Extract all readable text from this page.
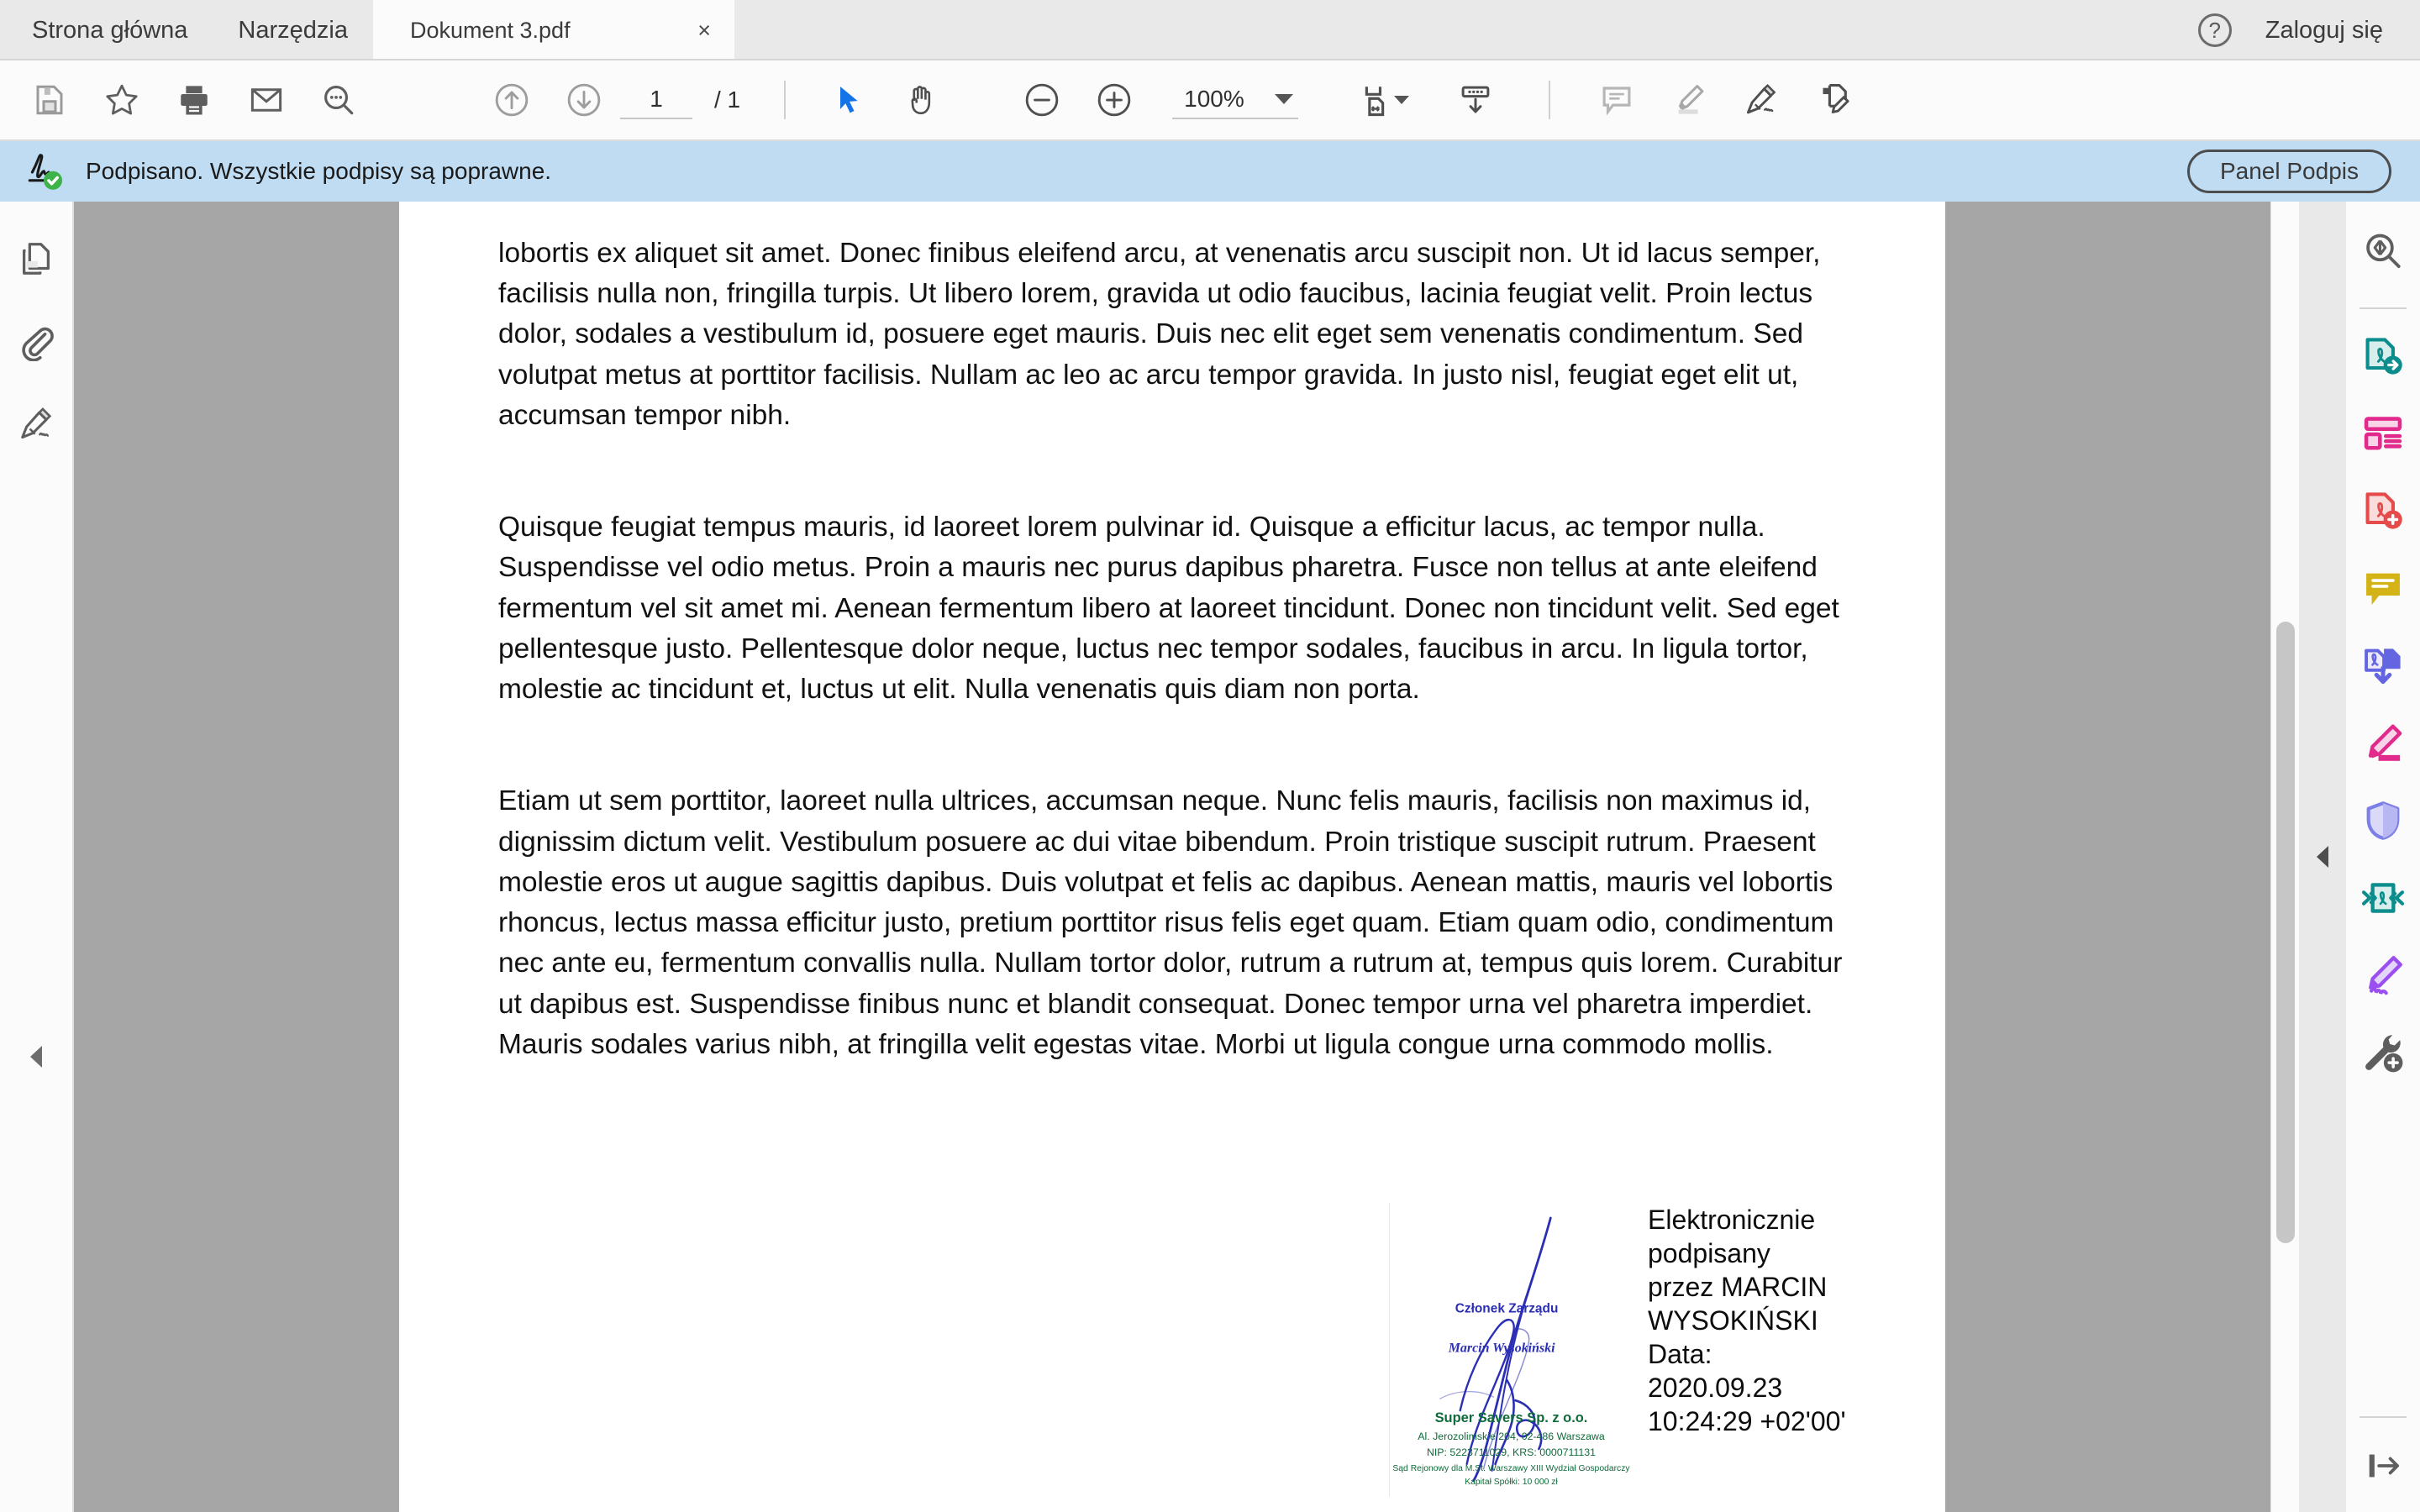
Strona główna Narzędzia	Dokument 3.pdf	×	? Zaloguj się
1
/ 1	100%
Podpisano. Wszystkie podpisy są poprawne.	Panel Podpis

lobortis ex aliquet sit amet. Donec finibus eleifend arcu, at venenatis arcu suscipit non. Ut id lacus semper, facilisis nulla non, fringilla turpis. Ut libero lorem, gravida ut odio faucibus, lacinia feugiat velit. Proin lectus dolor, sodales a vestibulum id, posuere eget mauris. Duis nec elit eget sem venenatis condimentum. Sed volutpat metus at porttitor facilisis. Nullam ac leo ac arcu tempor gravida. In justo nisl, feugiat eget elit ut, accumsan tempor nibh.

Quisque feugiat tempus mauris, id laoreet lorem pulvinar id. Quisque a efficitur lacus, ac tempor nulla. Suspendisse vel odio metus. Proin a mauris nec purus dapibus pharetra. Fusce non tellus at ante eleifend fermentum vel sit amet mi. Aenean fermentum libero at laoreet tincidunt. Donec non tincidunt velit. Sed eget pellentesque justo. Pellentesque dolor neque, luctus nec tempor sodales, faucibus in arcu. In ligula tortor, molestie ac tincidunt et, luctus ut elit. Nulla venenatis quis diam non porta.

Etiam ut sem porttitor, laoreet nulla ultrices, accumsan neque. Nunc felis mauris, facilisis non maximus id, dignissim dictum velit. Vestibulum posuere ac dui vitae bibendum. Proin tristique suscipit rutrum. Praesent molestie eros ut augue sagittis dapibus. Duis volutpat et felis ac dapibus. Aenean mattis, mauris vel lobortis rhoncus, lectus massa efficitur justo, pretium porttitor risus felis eget quam. Etiam quam odio, condimentum nec ante eu, fermentum convallis nulla. Nullam tortor dolor, rutrum a rutrum at, tempus quis lorem. Curabitur ut dapibus est. Suspendisse finibus nunc et blandit consequat. Donec tempor urna vel pharetra imperdiet. Mauris sodales varius nibh, at fringilla velit egestas vitae. Morbi ut ligula congue urna commodo mollis.

Członek Zarządu
Marcin Wysokiński
Super Savers Sp. z o.o.
Al. Jerozolimskie 204, 02-486 Warszawa
NIP: 5223711029, KRS: 0000711131
Sąd Rejonowy dla M.St. Warszawy XIII Wydział Gospodarczy
Kapitał Spółki: 10 000 zł
Elektronicznie
podpisany
przez MARCIN
WYSOKIŃSKI
Data:
2020.09.23
10:24:29 +02'00'
